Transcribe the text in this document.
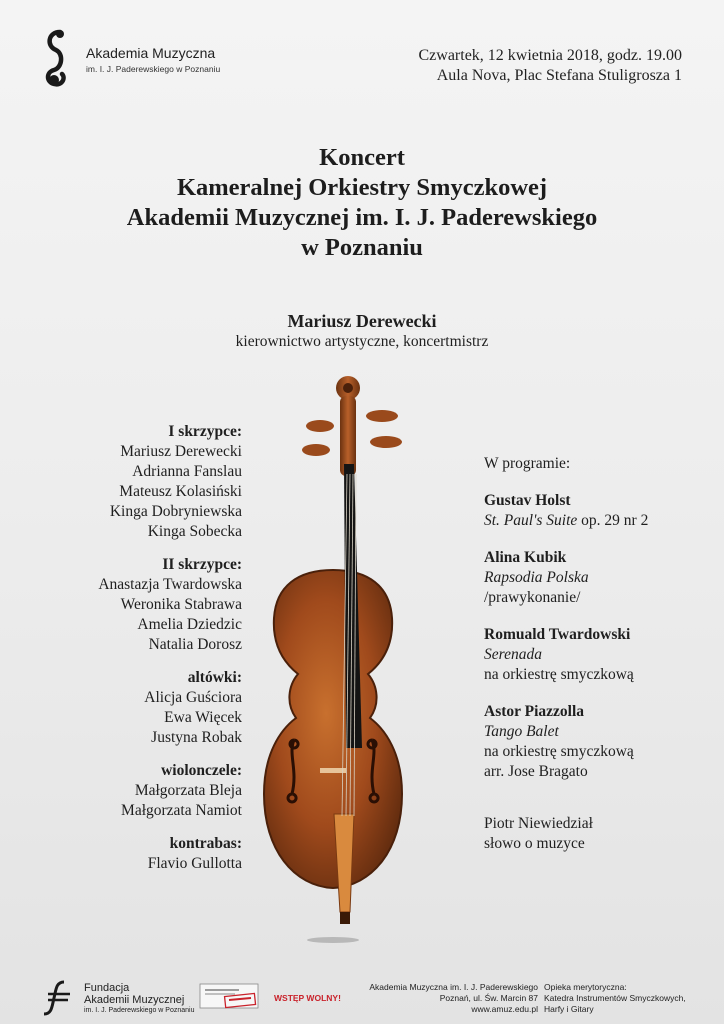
Akademia Muzyczna
im. I. J. Paderewskiego w Poznaniu
Czwartek, 12 kwietnia 2018, godz. 19.00
Aula Nova, Plac Stefana Stuligrosza 1
Koncert
Kameralnej Orkiestry Smyczkowej
Akademii Muzycznej im. I. J. Paderewskiego
w Poznaniu
Mariusz Derewecki
kierownictwo artystyczne, koncertmistrz
I skrzypce:
Mariusz Derewecki
Adrianna Fanslau
Mateusz Kolasiński
Kinga Dobryniewska
Kinga Sobecka
II skrzypce:
Anastazja Twardowska
Weronika Stabrawa
Amelia Dziedzic
Natalia Dorosz
altówki:
Alicja Guściora
Ewa Więcek
Justyna Robak
wiolonczele:
Małgorzata Bleja
Małgorzata Namiot
kontrabas:
Flavio Gullotta
W programie:
Gustav Holst
St. Paul's Suite op. 29 nr 2
Alina Kubik
Rapsodia Polska
/prawykonanie/
Romuald Twardowski
Serenada
na orkiestrę smyczkową
Astor Piazzolla
Tango Balet
na orkiestrę smyczkową
arr. Jose Bragato
Piotr Niewiedział
słowo o muzyce
Fundacja
Akademii Muzycznej
im. I. J. Paderewskiego w Poznaniu
WSTĘP WOLNY!
Akademia Muzyczna im. I. J. Paderewskiego
Poznań, ul. Św. Marcin 87
www.amuz.edu.pl
Opieka merytoryczna:
Katedra Instrumentów Smyczkowych,
Harfy i Gitary
